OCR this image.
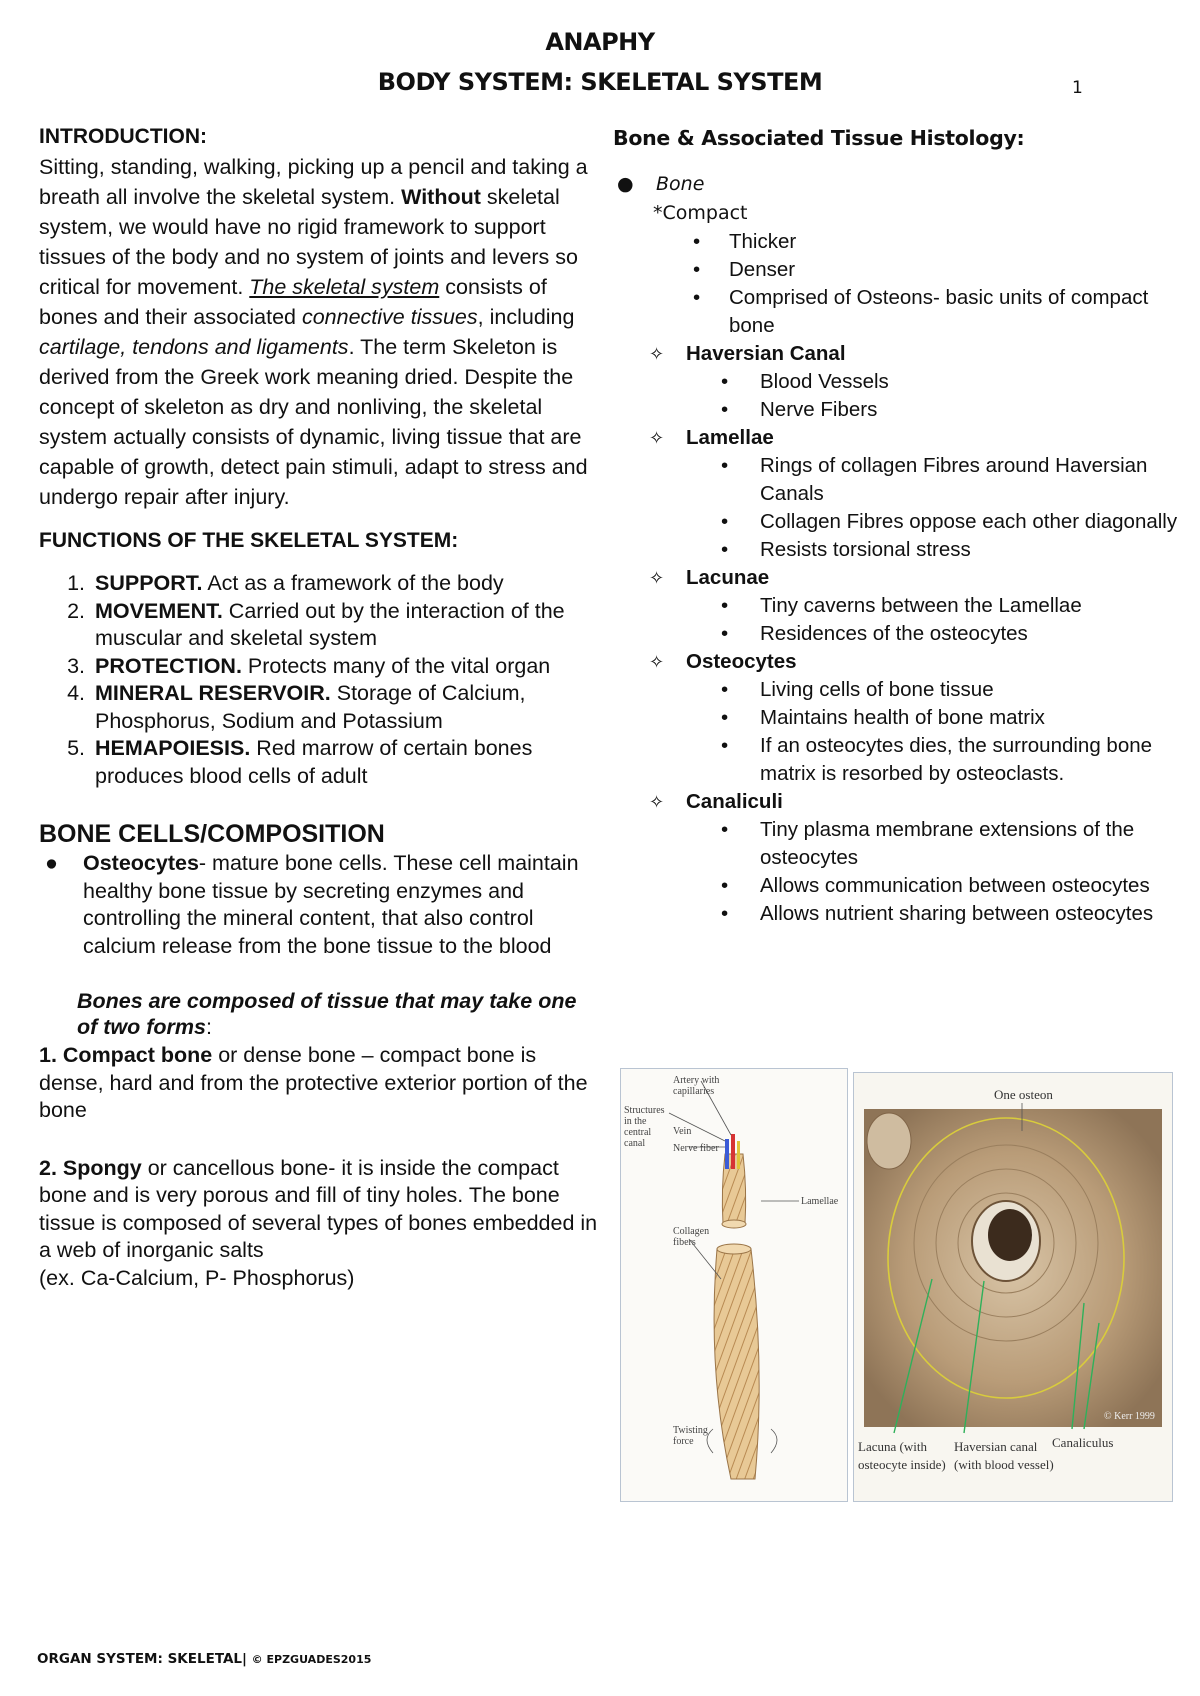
ANAPHY
BODY SYSTEM: SKELETAL SYSTEM	1
INTRODUCTION:

Sitting, standing, walking, picking up a pencil and taking a breath all involve the skeletal system. Without skeletal system, we would have no rigid framework to support tissues of the body and no system of joints and levers so critical for movement. The skeletal system consists of bones and their associated connective tissues, including cartilage, tendons and ligaments. The term Skeleton is derived from the Greek work meaning dried. Despite the concept of skeleton as dry and nonliving, the skeletal system actually consists of dynamic, living tissue that are capable of growth, detect pain stimuli, adapt to stress and undergo repair after injury.

FUNCTIONS OF THE SKELETAL SYSTEM:
1. SUPPORT. Act as a framework of the body
2. MOVEMENT. Carried out by the interaction of the muscular and skeletal system
3. PROTECTION. Protects many of the vital organ
4. MINERAL RESERVOIR. Storage of Calcium, Phosphorus, Sodium and Potassium
5. HEMAPOIESIS. Red marrow of certain bones produces blood cells of adult
BONE CELLS/COMPOSITION
● Osteocytes- mature bone cells. These cell maintain healthy bone tissue by secreting enzymes and controlling the mineral content, that also control calcium release from the bone tissue to the blood
Bones are composed of tissue that may take one of two forms:
1. Compact bone or dense bone – compact bone is dense, hard and from the protective exterior portion of the bone
2. Spongy or cancellous bone- it is inside the compact bone and is very porous and fill of tiny holes. The bone tissue is composed of several types of bones embedded in a web of inorganic salts
(ex. Ca-Calcium, P- Phosphorus)
Bone & Associated Tissue Histology:
● Bone
*Compact
• Thicker
• Denser
• Comprised of Osteons- basic units of compact bone
✧ Haversian Canal
• Blood Vessels
• Nerve Fibers
✧ Lamellae
• Rings of collagen Fibres around Haversian Canals
• Collagen Fibres oppose each other diagonally
• Resists torsional stress
✧ Lacunae
• Tiny caverns between the Lamellae
• Residences of the osteocytes
✧ Osteocytes
• Living cells of bone tissue
• Maintains health of bone matrix
• If an osteocytes dies, the surrounding bone matrix is resorbed by osteoclasts.
✧ Canaliculi
• Tiny plasma membrane extensions of the osteocytes
• Allows communication between osteocytes
• Allows nutrient sharing between osteocytes
Artery with
capillaries
Structures
in the
central
canal
Vein
Nerve fiber
Lamellae
Collagen
fibers
Twisting
force
One osteon
Lacuna (with
osteocyte inside)
Haversian canal
(with blood vessel)
Canaliculus
© Kerr 1999
ORGAN SYSTEM: SKELETAL| © EPZGUADES2015
